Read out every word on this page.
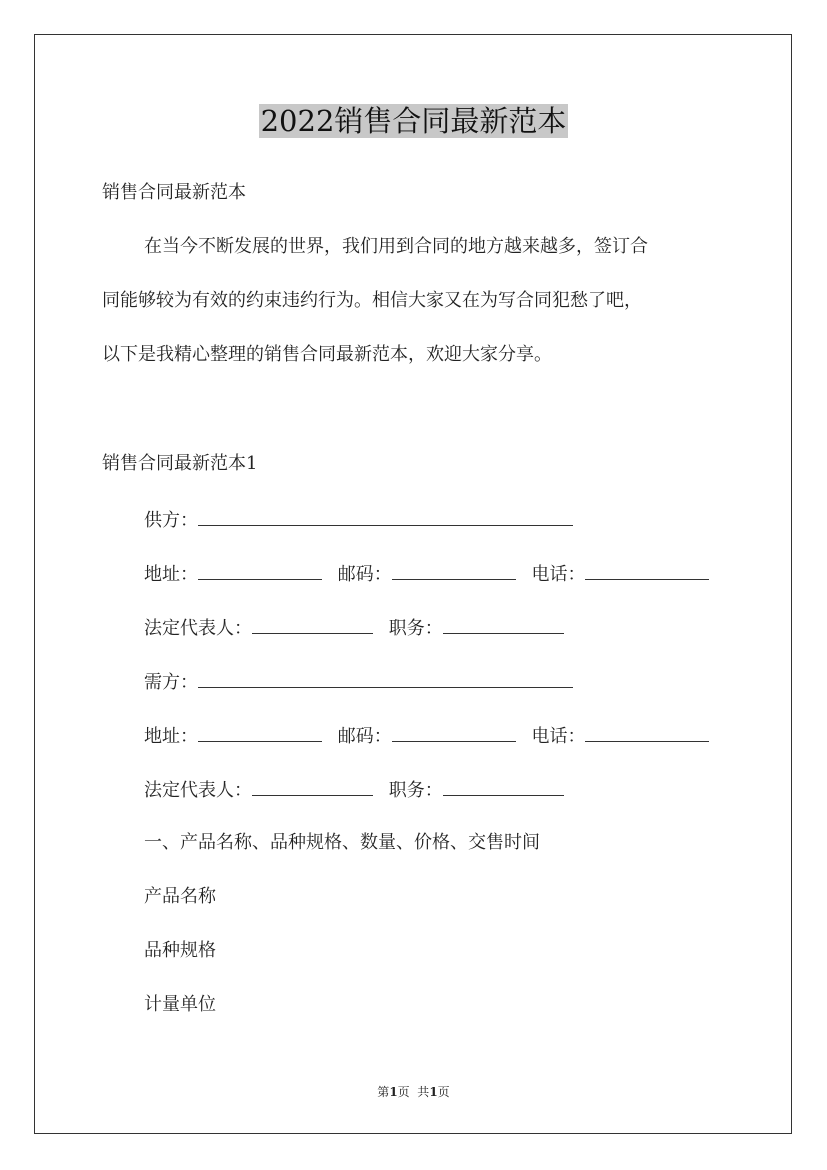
2022销售合同最新范本
销售合同最新范本
在当今不断发展的世界，我们用到合同的地方越来越多，签订合
同能够较为有效的约束违约行为。相信大家又在为写合同犯愁了吧，
以下是我精心整理的销售合同最新范本，欢迎大家分享。
销售合同最新范本1
供方：
地址：	邮码：	电话：
法定代表人：	职务：
需方：
地址：	邮码：	电话：
法定代表人：	职务：
一、产品名称、品种规格、数量、价格、交售时间
产品名称
品种规格
计量单位
第1页  共1页
